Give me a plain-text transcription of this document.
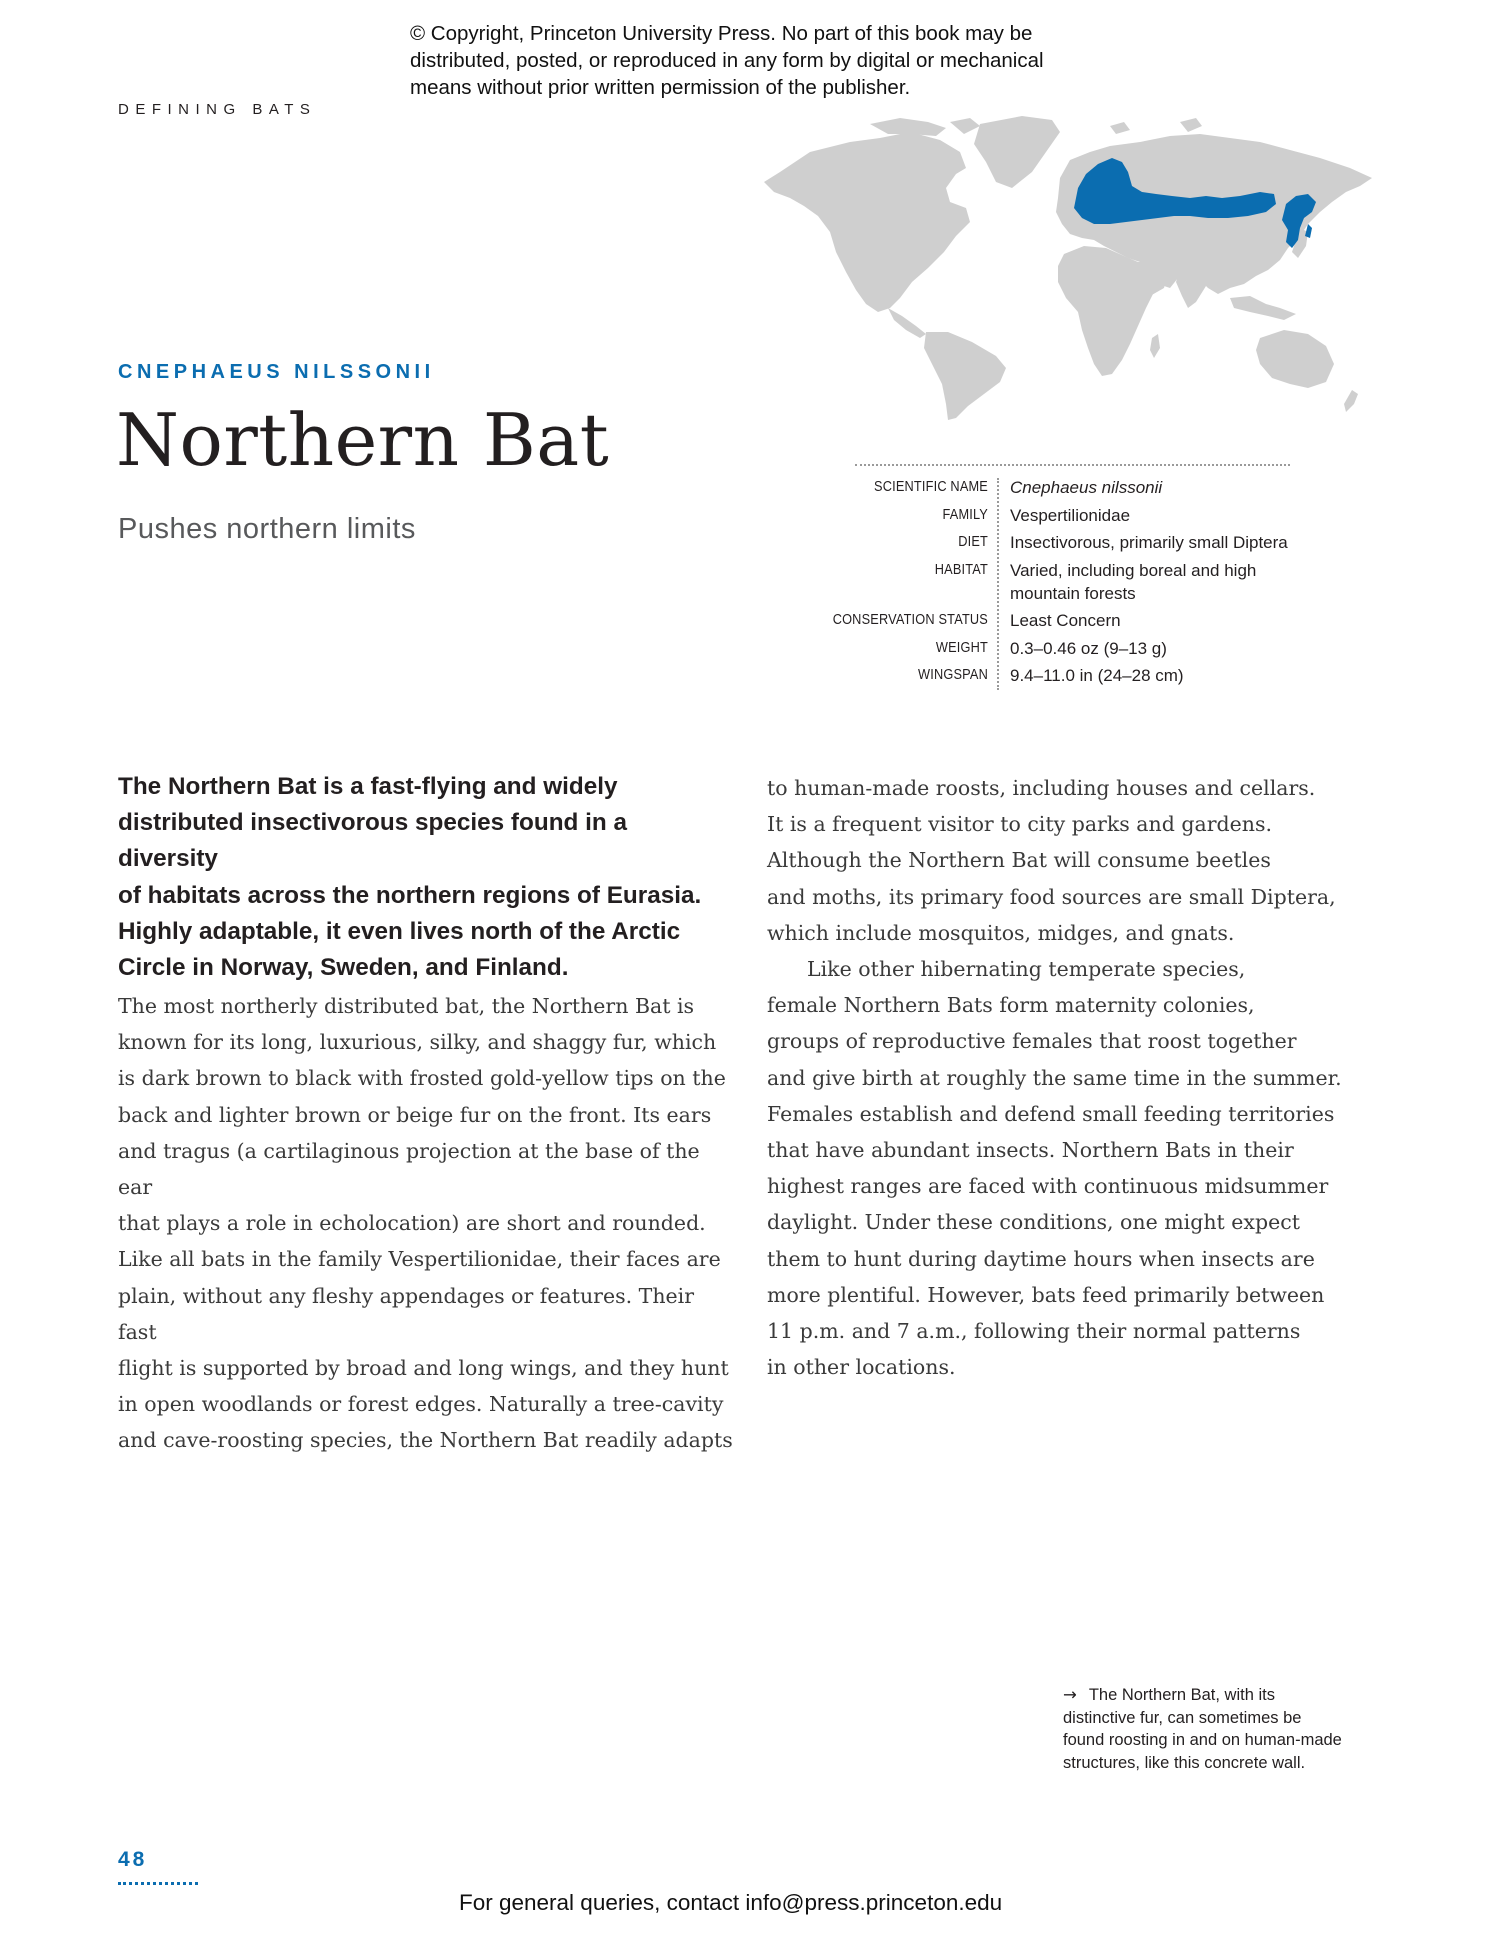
© Copyright, Princeton University Press. No part of this book may be
distributed, posted, or reproduced in any form by digital or mechanical
means without prior written permission of the publisher.
DEFINING BATS
CNEPHAEUS NILSSONII
Northern Bat
Pushes northern limits
SCIENTIFIC NAME	Cnephaeus nilssonii
FAMILY	Vespertilionidae
DIET	Insectivorous, primarily small Diptera
HABITAT	Varied, including boreal and high mountain forests
CONSERVATION STATUS	Least Concern
WEIGHT	0.3–0.46 oz (9–13 g)
WINGSPAN	9.4–11.0 in (24–28 cm)
The Northern Bat is a fast-flying and widely
distributed insectivorous species found in a diversity
of habitats across the northern regions of Eurasia.
Highly adaptable, it even lives north of the Arctic
Circle in Norway, Sweden, and Finland.
The most northerly distributed bat, the Northern Bat is
known for its long, luxurious, silky, and shaggy fur, which
is dark brown to black with frosted gold-yellow tips on the
back and lighter brown or beige fur on the front. Its ears
and tragus (a cartilaginous projection at the base of the ear
that plays a role in echolocation) are short and rounded.
Like all bats in the family Vespertilionidae, their faces are
plain, without any fleshy appendages or features. Their fast
flight is supported by broad and long wings, and they hunt
in open woodlands or forest edges. Naturally a tree-cavity
and cave-roosting species, the Northern Bat readily adapts
to human-made roosts, including houses and cellars.
It is a frequent visitor to city parks and gardens.
Although the Northern Bat will consume beetles
and moths, its primary food sources are small Diptera,
which include mosquitos, midges, and gnats.
Like other hibernating temperate species,
female Northern Bats form maternity colonies,
groups of reproductive females that roost together
and give birth at roughly the same time in the summer.
Females establish and defend small feeding territories
that have abundant insects. Northern Bats in their
highest ranges are faced with continuous midsummer
daylight. Under these conditions, one might expect
them to hunt during daytime hours when insects are
more plentiful. However, bats feed primarily between
11 p.m. and 7 a.m., following their normal patterns
in other locations.
→ The Northern Bat, with its
distinctive fur, can sometimes be
found roosting in and on human-made
structures, like this concrete wall.
48
For general queries, contact info@press.princeton.edu
